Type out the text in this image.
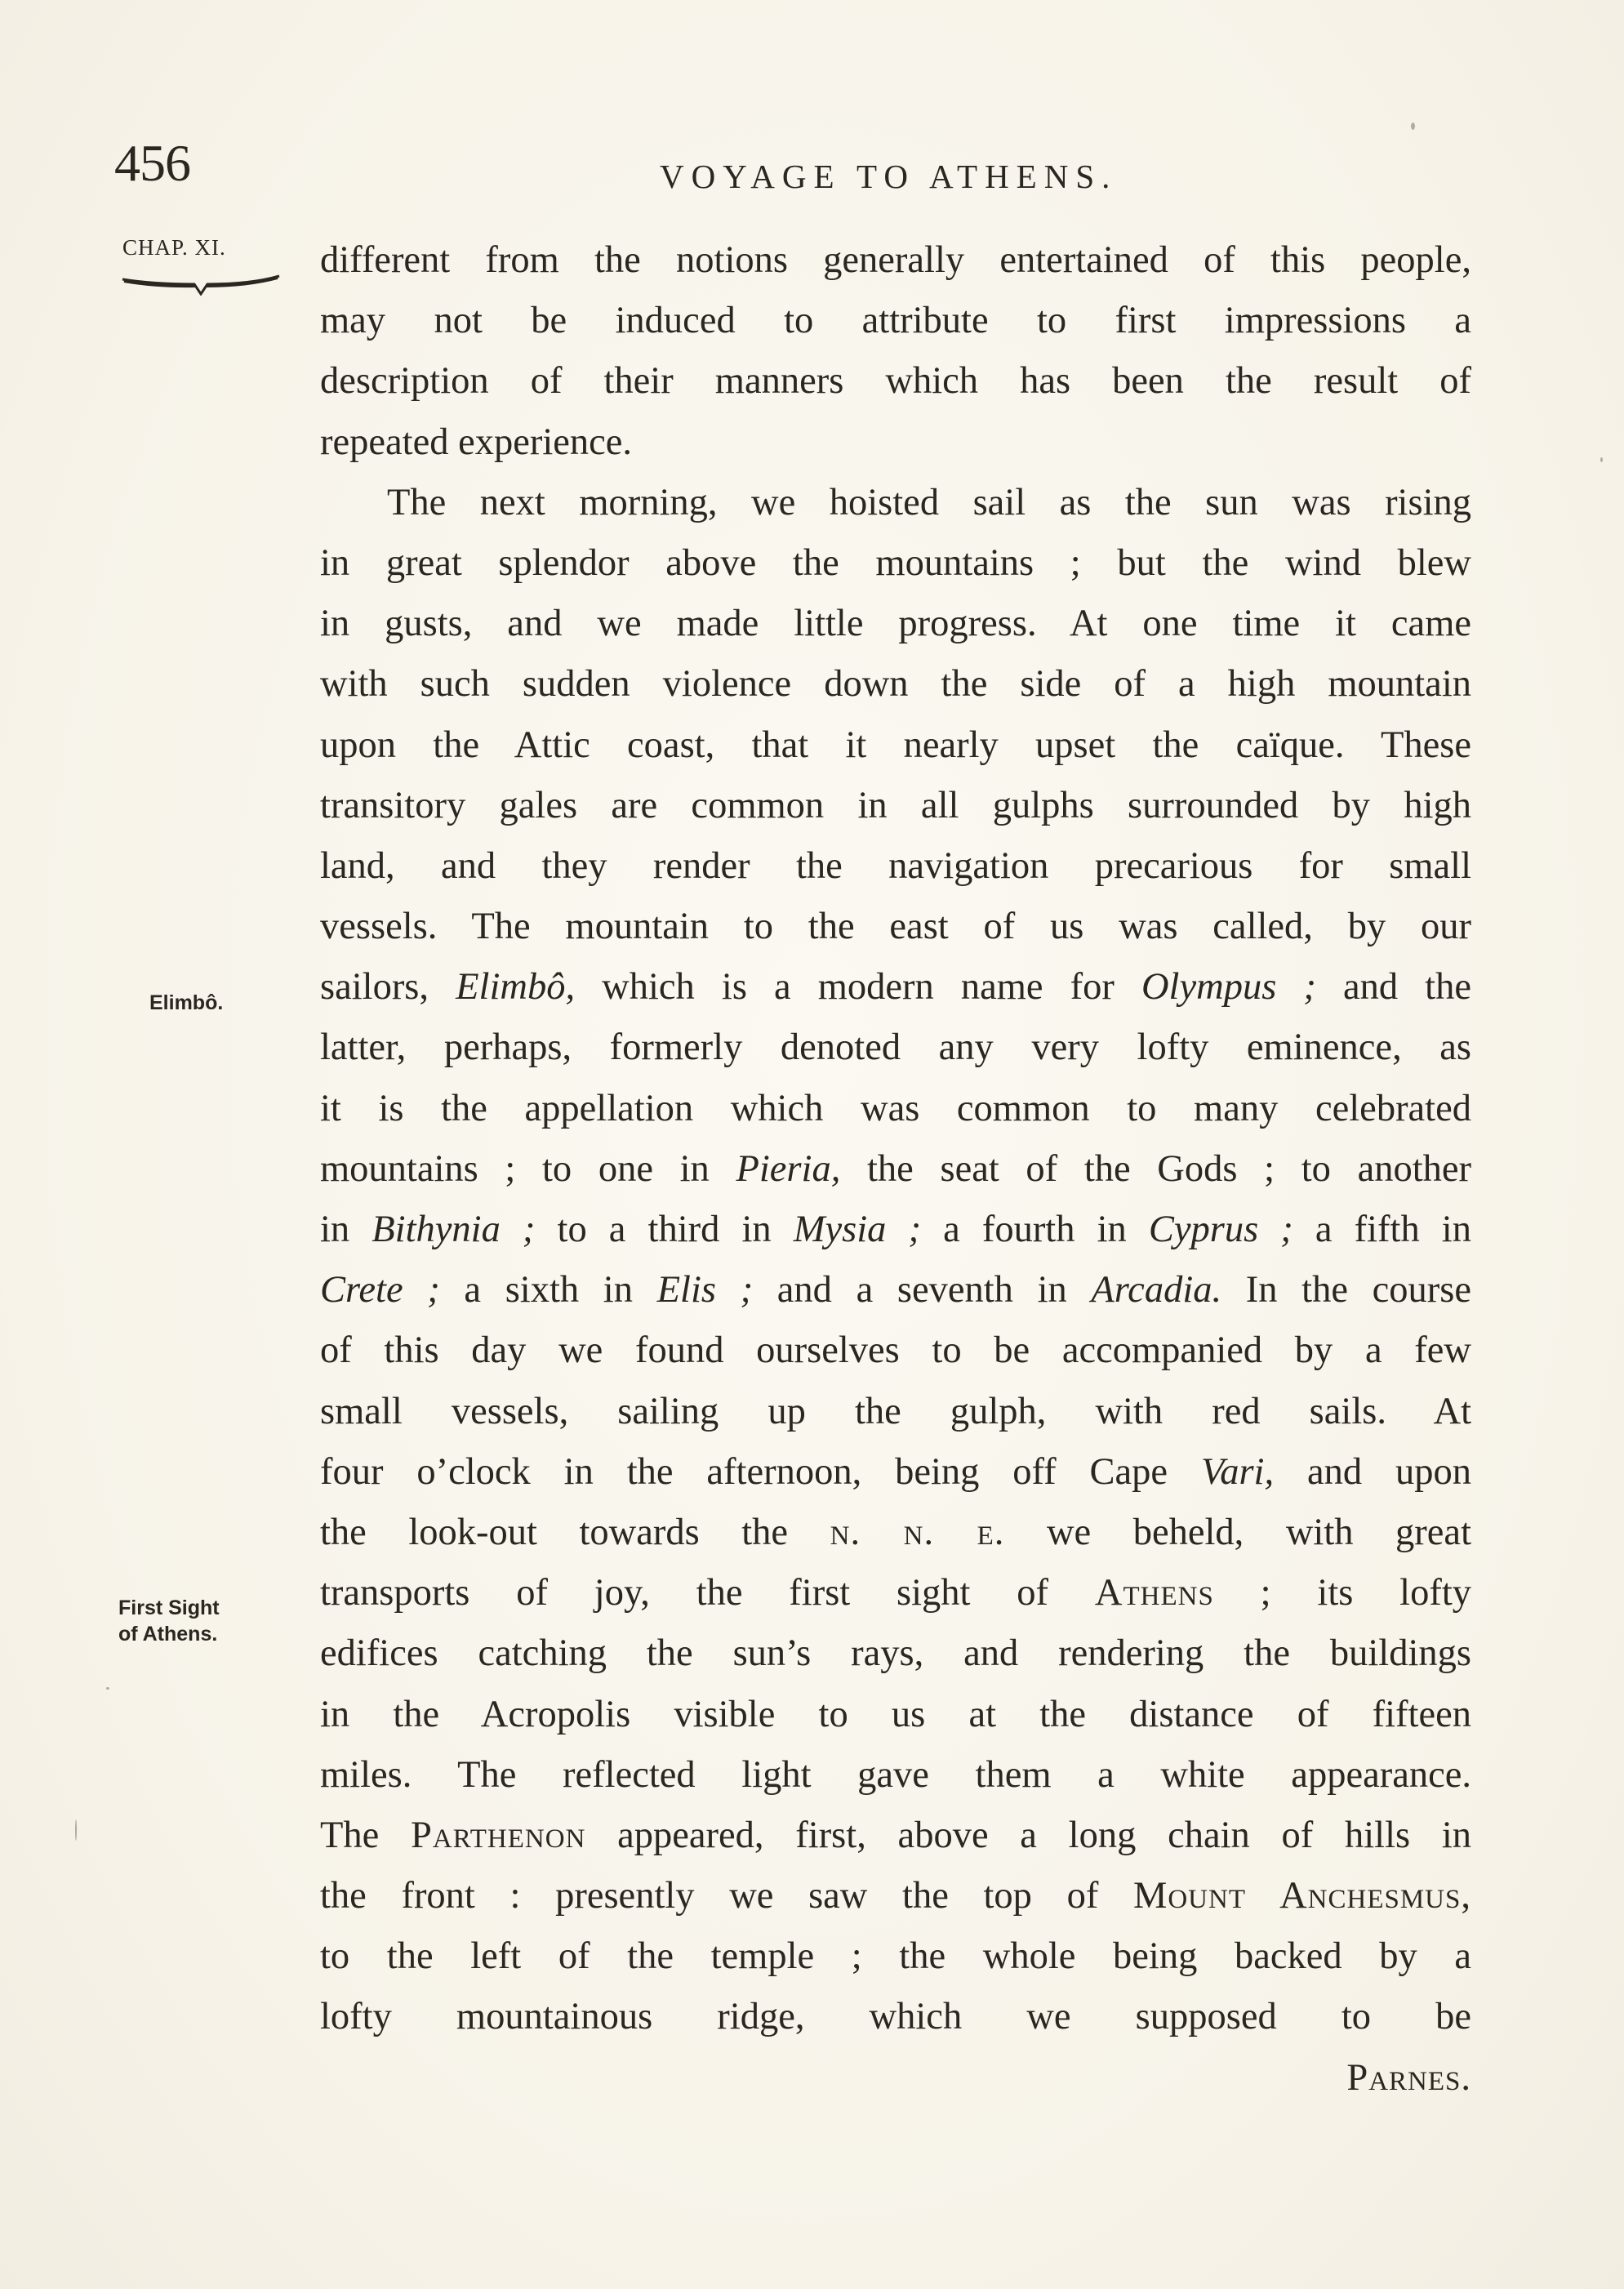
456	VOYAGE TO ATHENS.
CHAP. XI.
Elimbô.
First Sight
of Athens.
different from the notions generally entertained of this people,
may not be induced to attribute to first impressions a
description of their manners which has been the result of
repeated experience.
The next morning, we hoisted sail as the sun was rising
in great splendor above the mountains ; but the wind blew
in gusts, and we made little progress. At one time it came
with such sudden violence down the side of a high mountain
upon the Attic coast, that it nearly upset the caïque. These
transitory gales are common in all gulphs surrounded by high
land, and they render the navigation precarious for small
vessels. The mountain to the east of us was called, by our
sailors, Elimbô, which is a modern name for Olympus ; and the
latter, perhaps, formerly denoted any very lofty eminence, as
it is the appellation which was common to many celebrated
mountains ; to one in Pieria, the seat of the Gods ; to another
in Bithynia ; to a third in Mysia ; a fourth in Cyprus ; a fifth in
Crete ; a sixth in Elis ; and a seventh in Arcadia. In the course
of this day we found ourselves to be accompanied by a few
small vessels, sailing up the gulph, with red sails. At
four o’clock in the afternoon, being off Cape Vari, and upon
the look-out towards the n. n. e. we beheld, with great
transports of joy, the first sight of Athens ; its lofty
edifices catching the sun’s rays, and rendering the buildings
in the Acropolis visible to us at the distance of fifteen
miles. The reflected light gave them a white appearance.
The Parthenon appeared, first, above a long chain of hills in
the front : presently we saw the top of Mount Anchesmus,
to the left of the temple ; the whole being backed by a
lofty mountainous ridge, which we supposed to be
Parnes.
